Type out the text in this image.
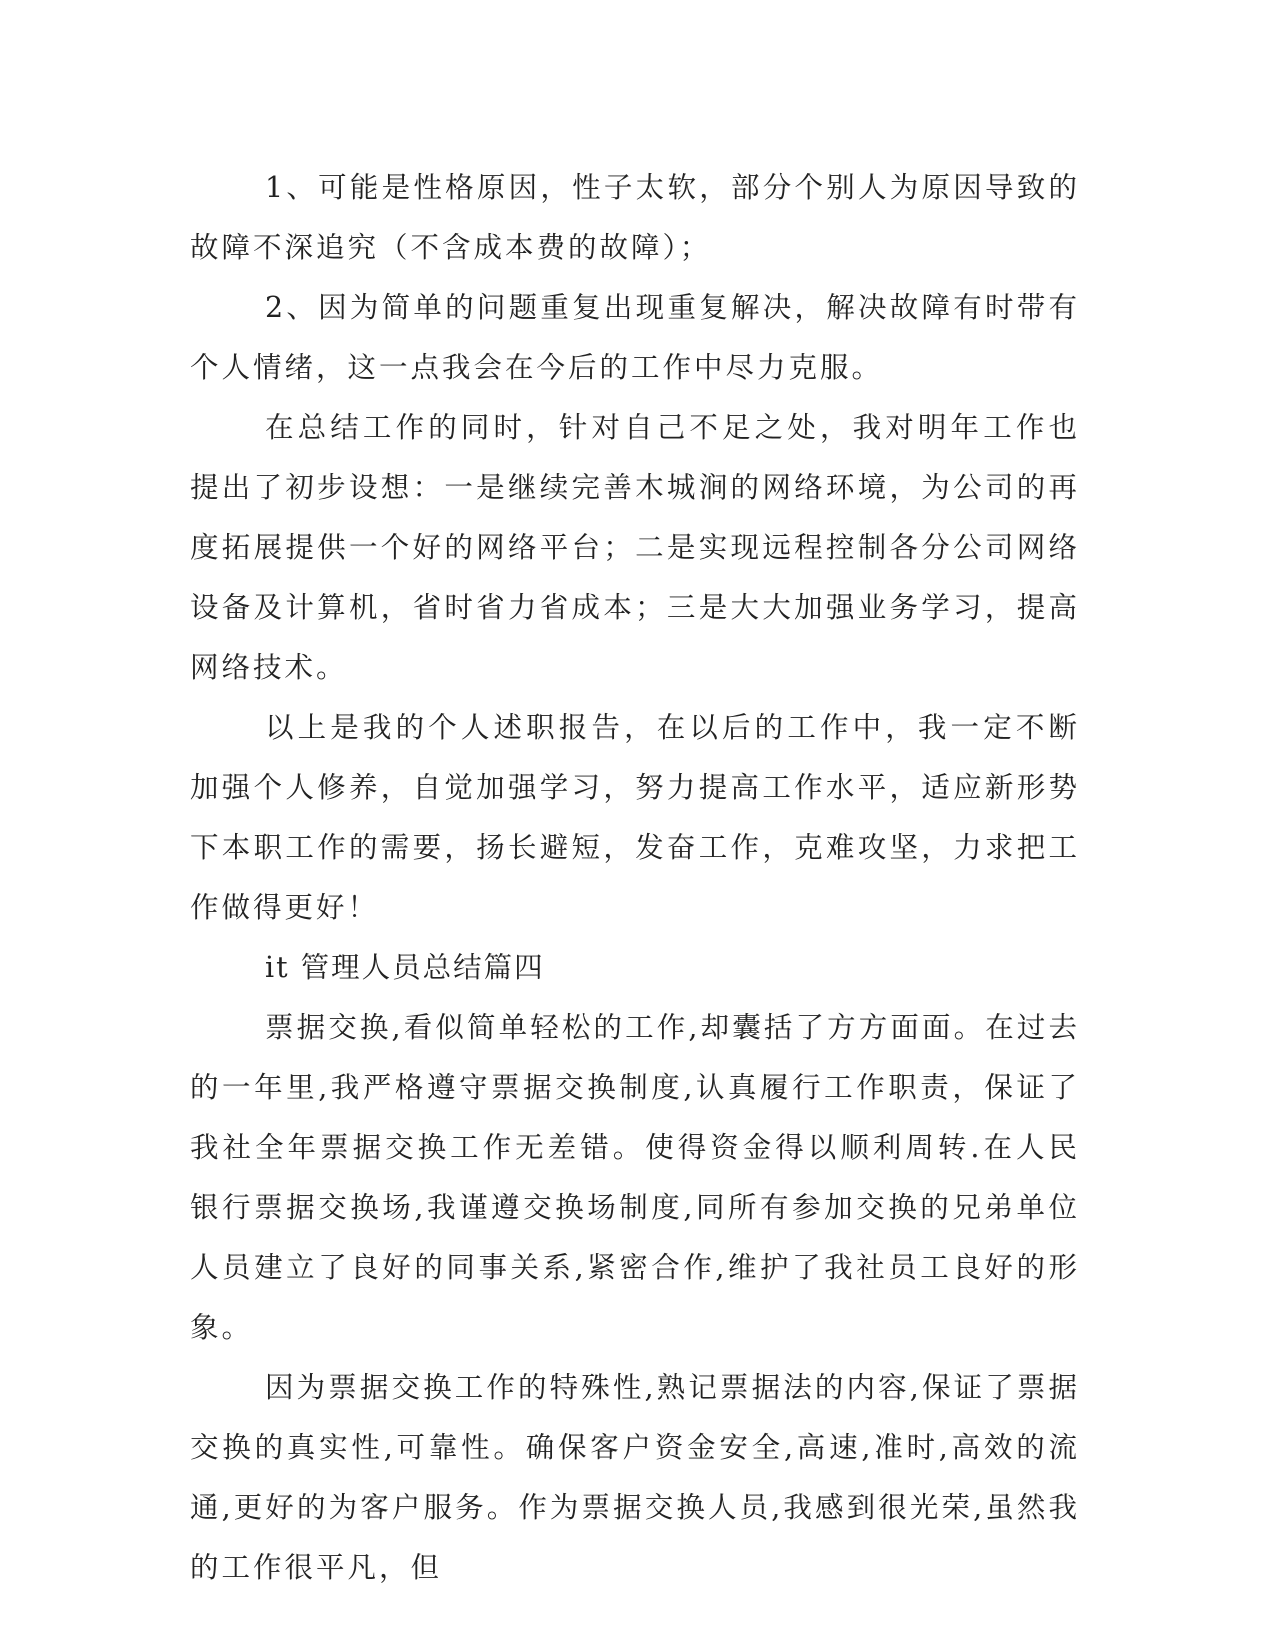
1、可能是性格原因，性子太软，部分个别人为原因导致的故障不深追究（不含成本费的故障）；

2、因为简单的问题重复出现重复解决，解决故障有时带有个人情绪，这一点我会在今后的工作中尽力克服。

在总结工作的同时，针对自己不足之处，我对明年工作也提出了初步设想：一是继续完善木城涧的网络环境，为公司的再度拓展提供一个好的网络平台；二是实现远程控制各分公司网络设备及计算机，省时省力省成本；三是大大加强业务学习，提高网络技术。

以上是我的个人述职报告，在以后的工作中，我一定不断加强个人修养，自觉加强学习，努力提高工作水平，适应新形势下本职工作的需要，扬长避短，发奋工作，克难攻坚，力求把工作做得更好！

it 管理人员总结篇四

票据交换,看似简单轻松的工作,却囊括了方方面面。在过去的一年里,我严格遵守票据交换制度,认真履行工作职责，保证了我社全年票据交换工作无差错。使得资金得以顺利周转.在人民银行票据交换场,我谨遵交换场制度,同所有参加交换的兄弟单位人员建立了良好的同事关系,紧密合作,维护了我社员工良好的形象。

因为票据交换工作的特殊性,熟记票据法的内容,保证了票据交换的真实性,可靠性。确保客户资金安全,高速,准时,高效的流通,更好的为客户服务。作为票据交换人员,我感到很光荣,虽然我的工作很平凡，但
